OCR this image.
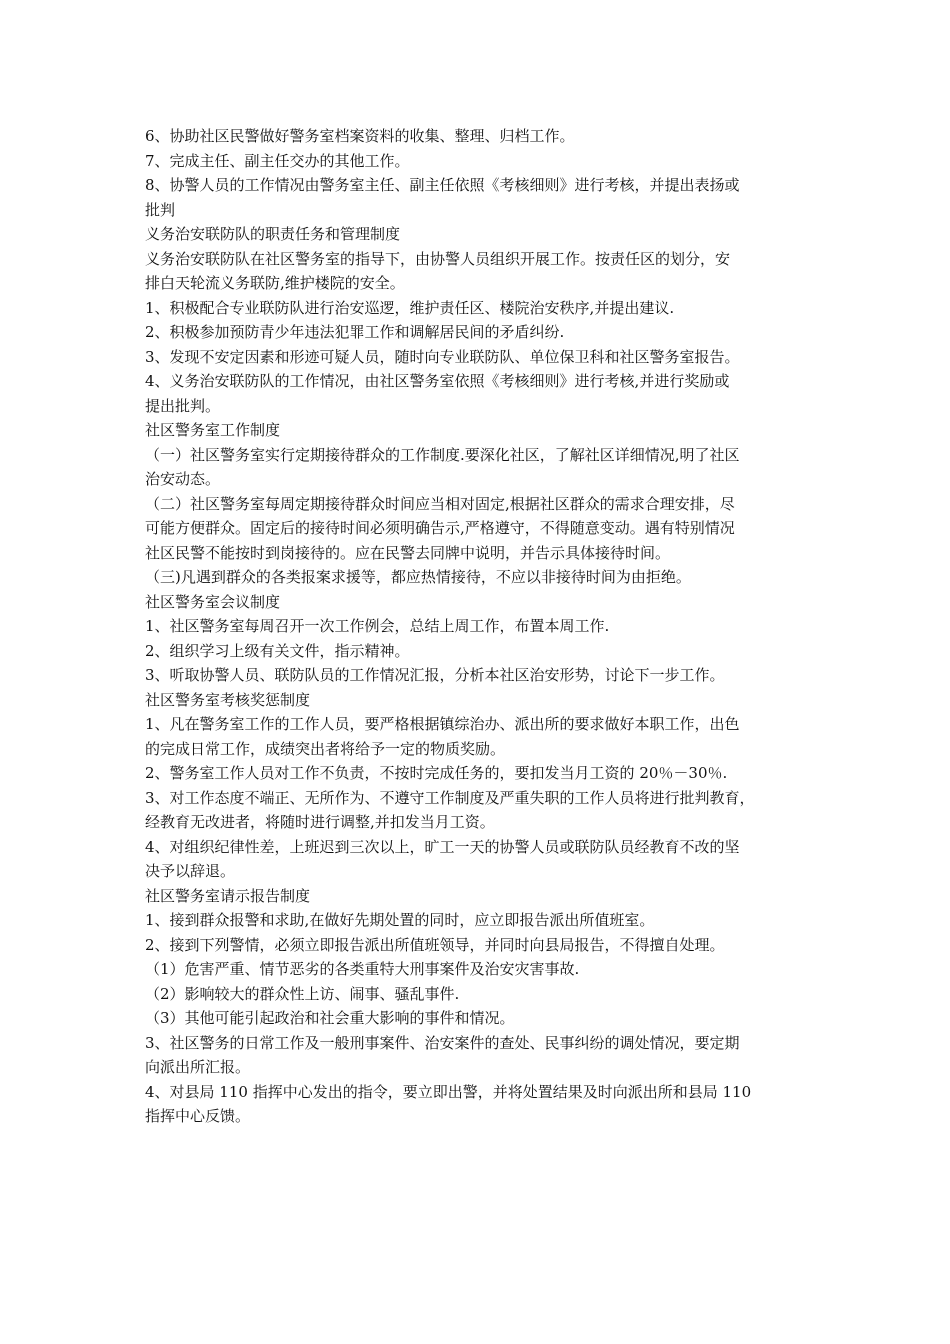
6、协助社区民警做好警务室档案资料的收集、整理、归档工作。
7、完成主任、副主任交办的其他工作。
8、协警人员的工作情况由警务室主任、副主任依照《考核细则》进行考核，并提出表扬或
批判
义务治安联防队的职责任务和管理制度
义务治安联防队在社区警务室的指导下，由协警人员组织开展工作。按责任区的划分，安
排白天轮流义务联防,维护楼院的安全。
1、积极配合专业联防队进行治安巡逻，维护责任区、楼院治安秩序,并提出建议.
2、积极参加预防青少年违法犯罪工作和调解居民间的矛盾纠纷.
3、发现不安定因素和形迹可疑人员，随时向专业联防队、单位保卫科和社区警务室报告。
4、义务治安联防队的工作情况，由社区警务室依照《考核细则》进行考核,并进行奖励或
提出批判。
社区警务室工作制度
（一）社区警务室实行定期接待群众的工作制度.要深化社区，了解社区详细情况,明了社区
治安动态。
（二）社区警务室每周定期接待群众时间应当相对固定,根据社区群众的需求合理安排，尽
可能方便群众。固定后的接待时间必须明确告示,严格遵守，不得随意变动。遇有特别情况
社区民警不能按时到岗接待的。应在民警去同牌中说明，并告示具体接待时间。
（三)凡遇到群众的各类报案求援等，都应热情接待，不应以非接待时间为由拒绝。
社区警务室会议制度
1、社区警务室每周召开一次工作例会，总结上周工作，布置本周工作.
2、组织学习上级有关文件，指示精神。
3、听取协警人员、联防队员的工作情况汇报，分析本社区治安形势，讨论下一步工作。
社区警务室考核奖惩制度
1、凡在警务室工作的工作人员，要严格根据镇综治办、派出所的要求做好本职工作，出色
的完成日常工作，成绩突出者将给予一定的物质奖励。
2、警务室工作人员对工作不负责，不按时完成任务的，要扣发当月工资的 20％－30％.
3、对工作态度不端正、无所作为、不遵守工作制度及严重失职的工作人员将进行批判教育，
经教育无改进者，将随时进行调整,并扣发当月工资。
4、对组织纪律性差，上班迟到三次以上，旷工一天的协警人员或联防队员经教育不改的坚
决予以辞退。
社区警务室请示报告制度
1、接到群众报警和求助,在做好先期处置的同时，应立即报告派出所值班室。
2、接到下列警情，必须立即报告派出所值班领导，并同时向县局报告，不得擅自处理。
（1）危害严重、情节恶劣的各类重特大刑事案件及治安灾害事故.
（2）影响较大的群众性上访、闹事、骚乱事件.
（3）其他可能引起政治和社会重大影响的事件和情况。
3、社区警务的日常工作及一般刑事案件、治安案件的查处、民事纠纷的调处情况，要定期
向派出所汇报。
4、对县局 110 指挥中心发出的指令，要立即出警，并将处置结果及时向派出所和县局 110
指挥中心反馈。
